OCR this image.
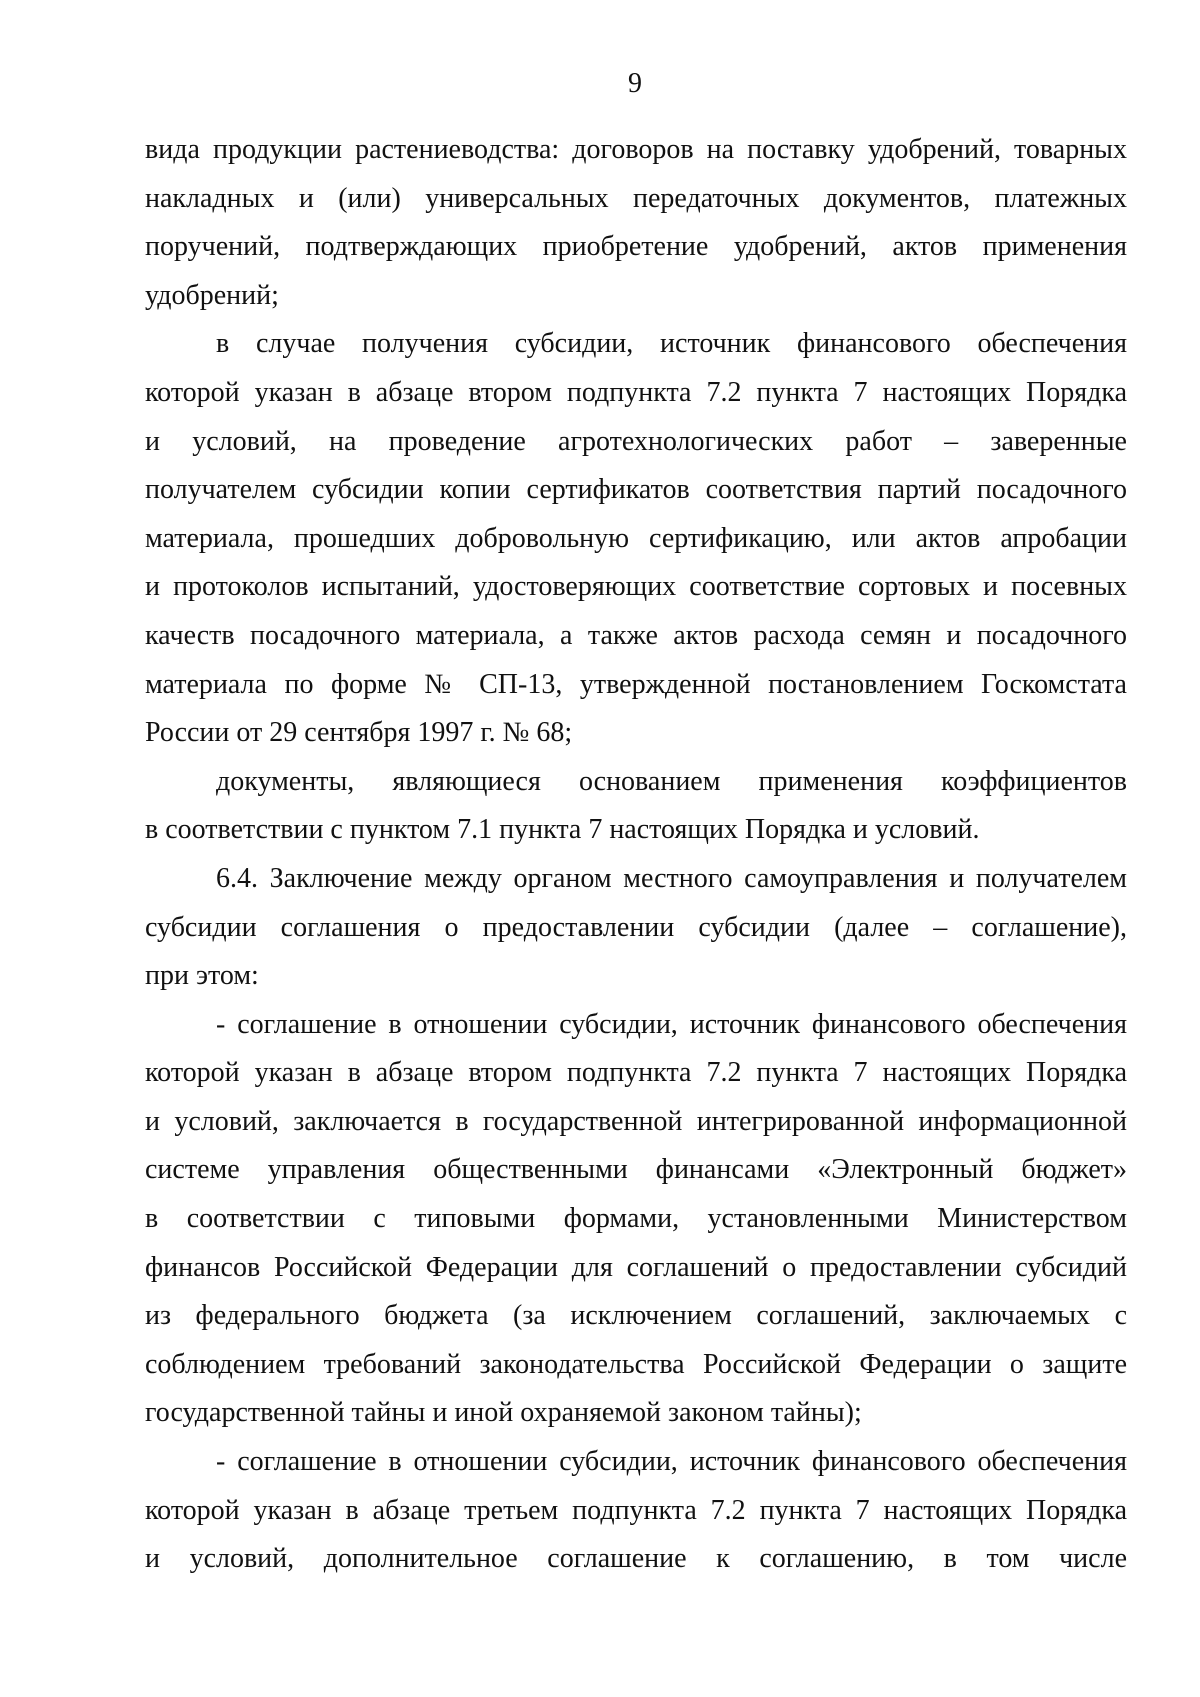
9

вида продукции растениеводства: договоров на поставку удобрений, товарных
накладных и (или) универсальных передаточных документов, платежных
поручений, подтверждающих приобретение удобрений, актов применения
удобрений;

в случае получения субсидии, источник финансового обеспечения
которой указан в абзаце втором подпункта 7.2 пункта 7 настоящих Порядка
и условий, на проведение агротехнологических работ – заверенные
получателем субсидии копии сертификатов соответствия партий посадочного
материала, прошедших добровольную сертификацию, или актов апробации
и протоколов испытаний, удостоверяющих соответствие сортовых и посевных
качеств посадочного материала, а также актов расхода семян и посадочного
материала по форме № СП-13, утвержденной постановлением Госкомстата
России от 29 сентября 1997 г. № 68;

документы, являющиеся основанием применения коэффициентов
в соответствии с пунктом 7.1 пункта 7 настоящих Порядка и условий.

6.4. Заключение между органом местного самоуправления и получателем
субсидии соглашения о предоставлении субсидии (далее – соглашение),
при этом:

- соглашение в отношении субсидии, источник финансового обеспечения
которой указан в абзаце втором подпункта 7.2 пункта 7 настоящих Порядка
и условий, заключается в государственной интегрированной информационной
системе управления общественными финансами «Электронный бюджет»
в соответствии с типовыми формами, установленными Министерством
финансов Российской Федерации для соглашений о предоставлении субсидий
из федерального бюджета (за исключением соглашений, заключаемых с
соблюдением требований законодательства Российской Федерации о защите
государственной тайны и иной охраняемой законом тайны);

- соглашение в отношении субсидии, источник финансового обеспечения
которой указан в абзаце третьем подпункта 7.2 пункта 7 настоящих Порядка
и условий, дополнительное соглашение к соглашению, в том числе
